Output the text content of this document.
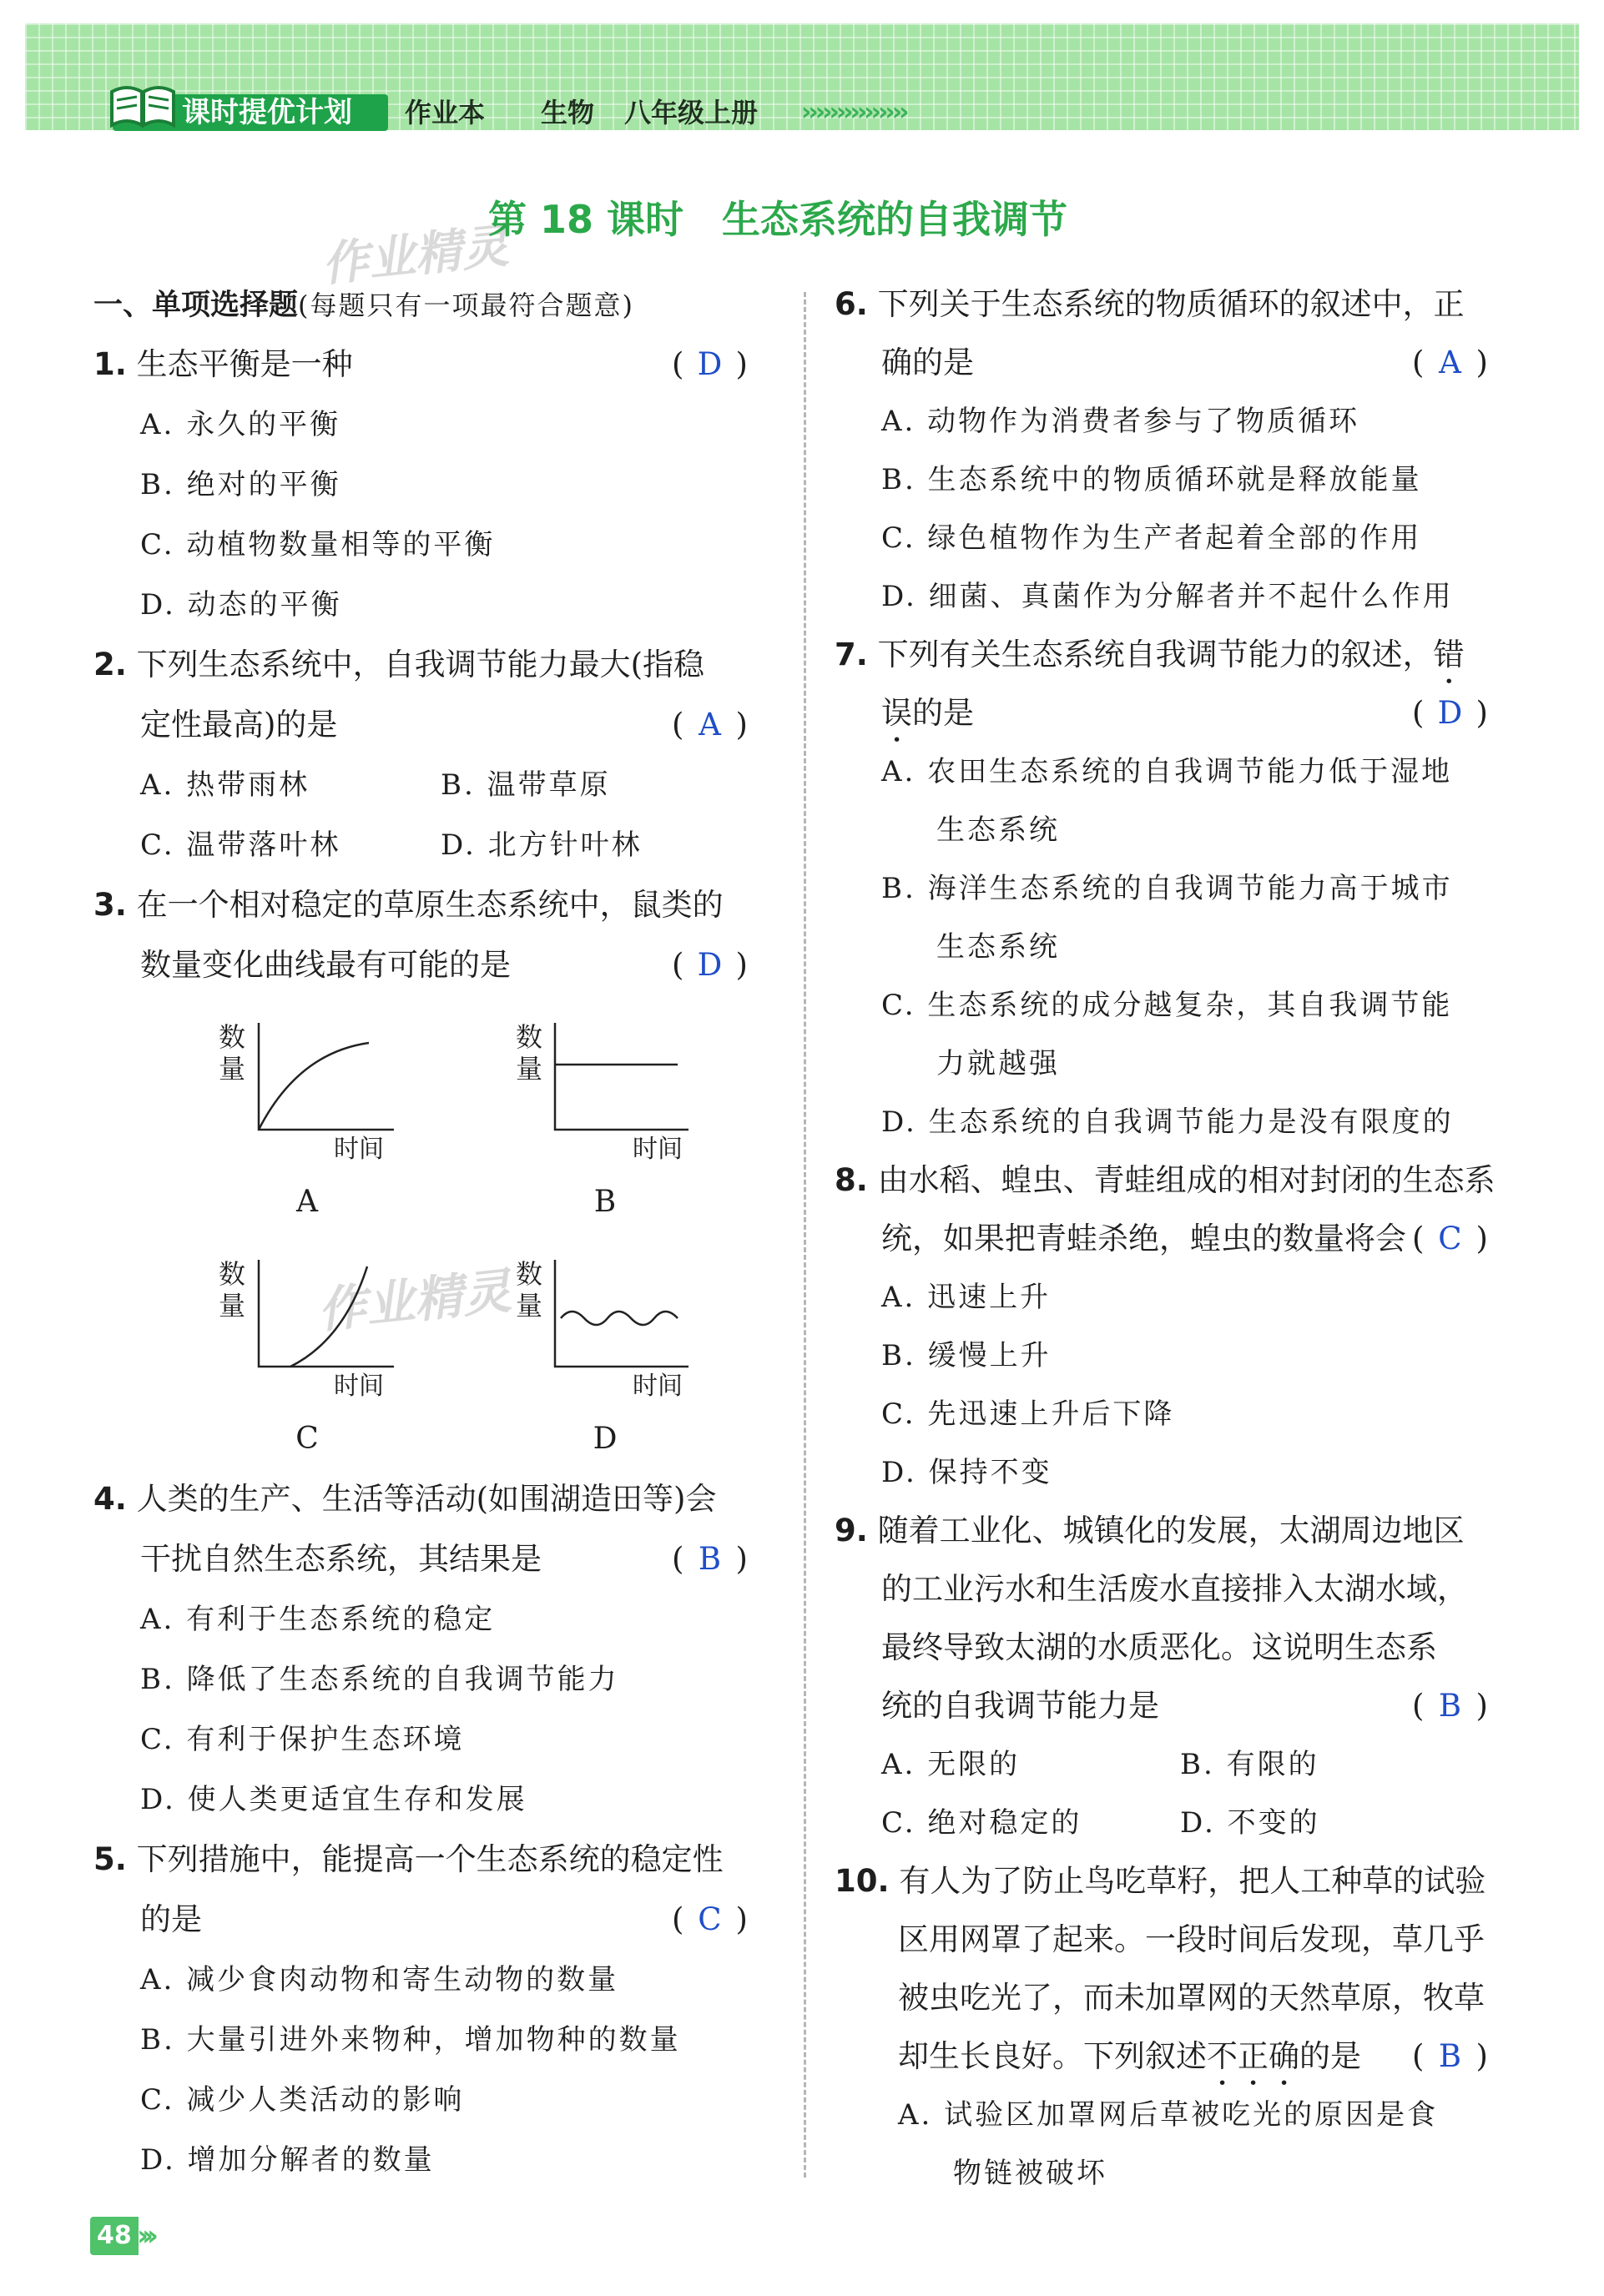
课时提优计划 作业本 生物 八年级上册 ›››››››››››››››
作业精灵
第 18 课时　生态系统的自我调节
作业精灵
一、单项选择题(每题只有一项最符合题意)
1. 生态平衡是一种	( D )
A. 永久的平衡
B. 绝对的平衡
C. 动植物数量相等的平衡
D. 动态的平衡
2. 下列生态系统中，自我调节能力最大(指稳
定性最高)的是	( A )
A. 热带雨林	B. 温带草原
C. 温带落叶林	D. 北方针叶林
3. 在一个相对稳定的草原生态系统中，鼠类的
数量变化曲线最有可能的是	( D )
数
量
时间
A
数
量
时间
B
数
量
时间
C
数
量
时间
D
4. 人类的生产、生活等活动(如围湖造田等)会
干扰自然生态系统，其结果是	( B )
A. 有利于生态系统的稳定
B. 降低了生态系统的自我调节能力
C. 有利于保护生态环境
D. 使人类更适宜生存和发展
5. 下列措施中，能提高一个生态系统的稳定性
的是	( C )
A. 减少食肉动物和寄生动物的数量
B. 大量引进外来物种，增加物种的数量
C. 减少人类活动的影响
D. 增加分解者的数量
6. 下列关于生态系统的物质循环的叙述中，正
确的是	( A )
A. 动物作为消费者参与了物质循环
B. 生态系统中的物质循环就是释放能量
C. 绿色植物作为生产者起着全部的作用
D. 细菌、真菌作为分解者并不起什么作用
7. 下列有关生态系统自我调节能力的叙述，错
误的是	( D )
A. 农田生态系统的自我调节能力低于湿地
生态系统
B. 海洋生态系统的自我调节能力高于城市
生态系统
C. 生态系统的成分越复杂，其自我调节能
力就越强
D. 生态系统的自我调节能力是没有限度的
8. 由水稻、蝗虫、青蛙组成的相对封闭的生态系
统，如果把青蛙杀绝，蝗虫的数量将会 ( C )
A. 迅速上升
B. 缓慢上升
C. 先迅速上升后下降
D. 保持不变
9. 随着工业化、城镇化的发展，太湖周边地区
的工业污水和生活废水直接排入太湖水域，
最终导致太湖的水质恶化。这说明生态系
统的自我调节能力是	( B )
A. 无限的	B. 有限的
C. 绝对稳定的	D. 不变的
10. 有人为了防止鸟吃草籽，把人工种草的试验
区用网罩了起来。一段时间后发现，草几乎
被虫吃光了，而未加罩网的天然草原，牧草
却生长良好。下列叙述不正确的是 ( B )
A. 试验区加罩网后草被吃光的原因是食
物链被破坏
48 ›››
